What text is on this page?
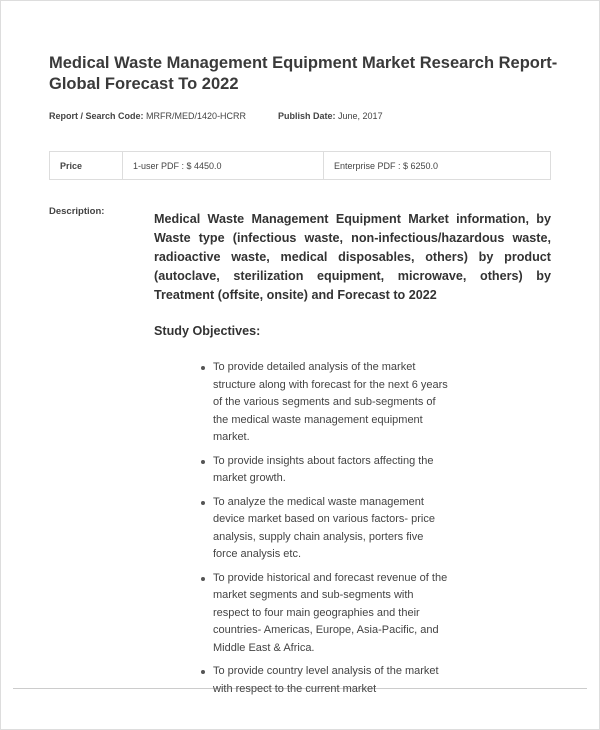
Medical Waste Management Equipment Market Research Report- Global Forecast To 2022
Report / Search Code: MRFR/MED/1420-HCRR	Publish Date: June, 2017
Price	1-user PDF : $ 4450.0	Enterprise PDF : $ 6250.0
Description:
Medical Waste Management Equipment Market information, by Waste type (infectious waste, non-infectious/hazardous waste, radioactive waste, medical disposables, others) by product (autoclave, sterilization equipment, microwave, others) by Treatment (offsite, onsite) and Forecast to 2022
Study Objectives:
To provide detailed analysis of the market structure along with forecast for the next 6 years of the various segments and sub-segments of the medical waste management equipment market.
To provide insights about factors affecting the market growth.
To analyze the medical waste management device market based on various factors- price analysis, supply chain analysis, porters five force analysis etc.
To provide historical and forecast revenue of the market segments and sub-segments with respect to four main geographies and their countries- Americas, Europe, Asia-Pacific, and Middle East & Africa.
To provide country level analysis of the market with respect to the current market
